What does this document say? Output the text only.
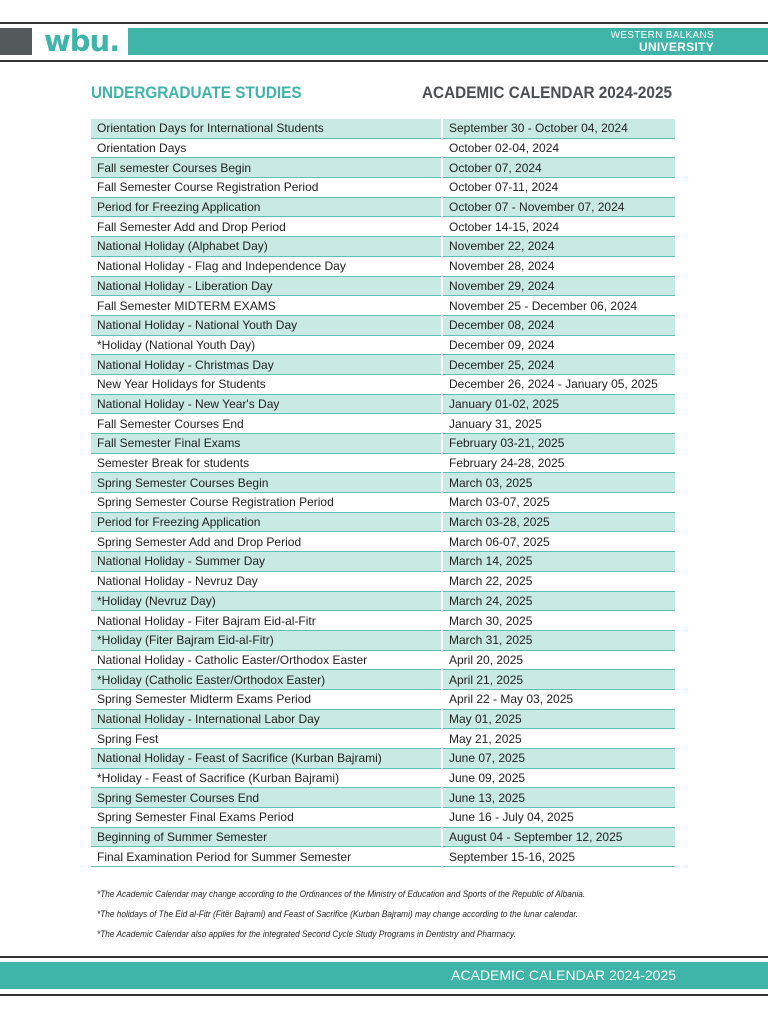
wbu.	WESTERN BALKANS
UNIVERSITY
UNDERGRADUATE STUDIES	ACADEMIC CALENDAR 2024-2025
Orientation Days for International Students	September 30 - October 04, 2024
Orientation Days	October 02-04, 2024
Fall semester Courses Begin	October 07, 2024
Fall Semester Course Registration Period	October 07-11, 2024
Period for Freezing Application	October 07 - November 07, 2024
Fall Semester Add and Drop Period	October 14-15, 2024
National Holiday (Alphabet Day)	November 22, 2024
National Holiday - Flag and Independence Day	November 28, 2024
National Holiday - Liberation Day	November 29, 2024
Fall Semester MIDTERM EXAMS	November 25 - December 06, 2024
National Holiday - National Youth Day	December 08, 2024
*Holiday (National Youth Day)	December 09, 2024
National Holiday - Christmas Day	December 25, 2024
New Year Holidays for Students	December 26, 2024 - January 05, 2025
National Holiday - New Year's Day	January 01-02, 2025
Fall Semester Courses End	January 31, 2025
Fall Semester Final Exams	February 03-21, 2025
Semester Break for students	February 24-28, 2025
Spring Semester Courses Begin	March 03, 2025
Spring Semester Course Registration Period	March 03-07, 2025
Period for Freezing Application	March 03-28, 2025
Spring Semester Add and Drop Period	March 06-07, 2025
National Holiday - Summer Day	March 14, 2025
National Holiday - Nevruz Day	March 22, 2025
*Holiday (Nevruz Day)	March 24, 2025
National Holiday - Fiter Bajram Eid-al-Fitr	March 30, 2025
*Holiday (Fiter Bajram Eid-al-Fitr)	March 31, 2025
National Holiday - Catholic Easter/Orthodox Easter	April 20, 2025
*Holiday (Catholic Easter/Orthodox Easter)	April 21, 2025
Spring Semester Midterm Exams Period	April 22 - May 03, 2025
National Holiday - International Labor Day	May 01, 2025
Spring Fest	May 21, 2025
National Holiday - Feast of Sacrifice (Kurban Bajrami)	June 07, 2025
*Holiday - Feast of Sacrifice (Kurban Bajrami)	June 09, 2025
Spring Semester Courses End	June 13, 2025
Spring Semester Final Exams Period	June 16 - July 04, 2025
Beginning of Summer Semester	August 04 - September 12, 2025
Final Examination Period for Summer Semester	September 15-16, 2025
*The Academic Calendar may change according to the Ordinances of the Ministry of Education and Sports of the Republic of Albania.
*The holidays of The Eid al-Fitr (Fitër Bajrami) and Feast of Sacrifice (Kurban Bajrami) may change according to the lunar calendar.
*The Academic Calendar also applies for the integrated Second Cycle Study Programs in Dentistry and Pharmacy.
ACADEMIC CALENDAR 2024-2025
